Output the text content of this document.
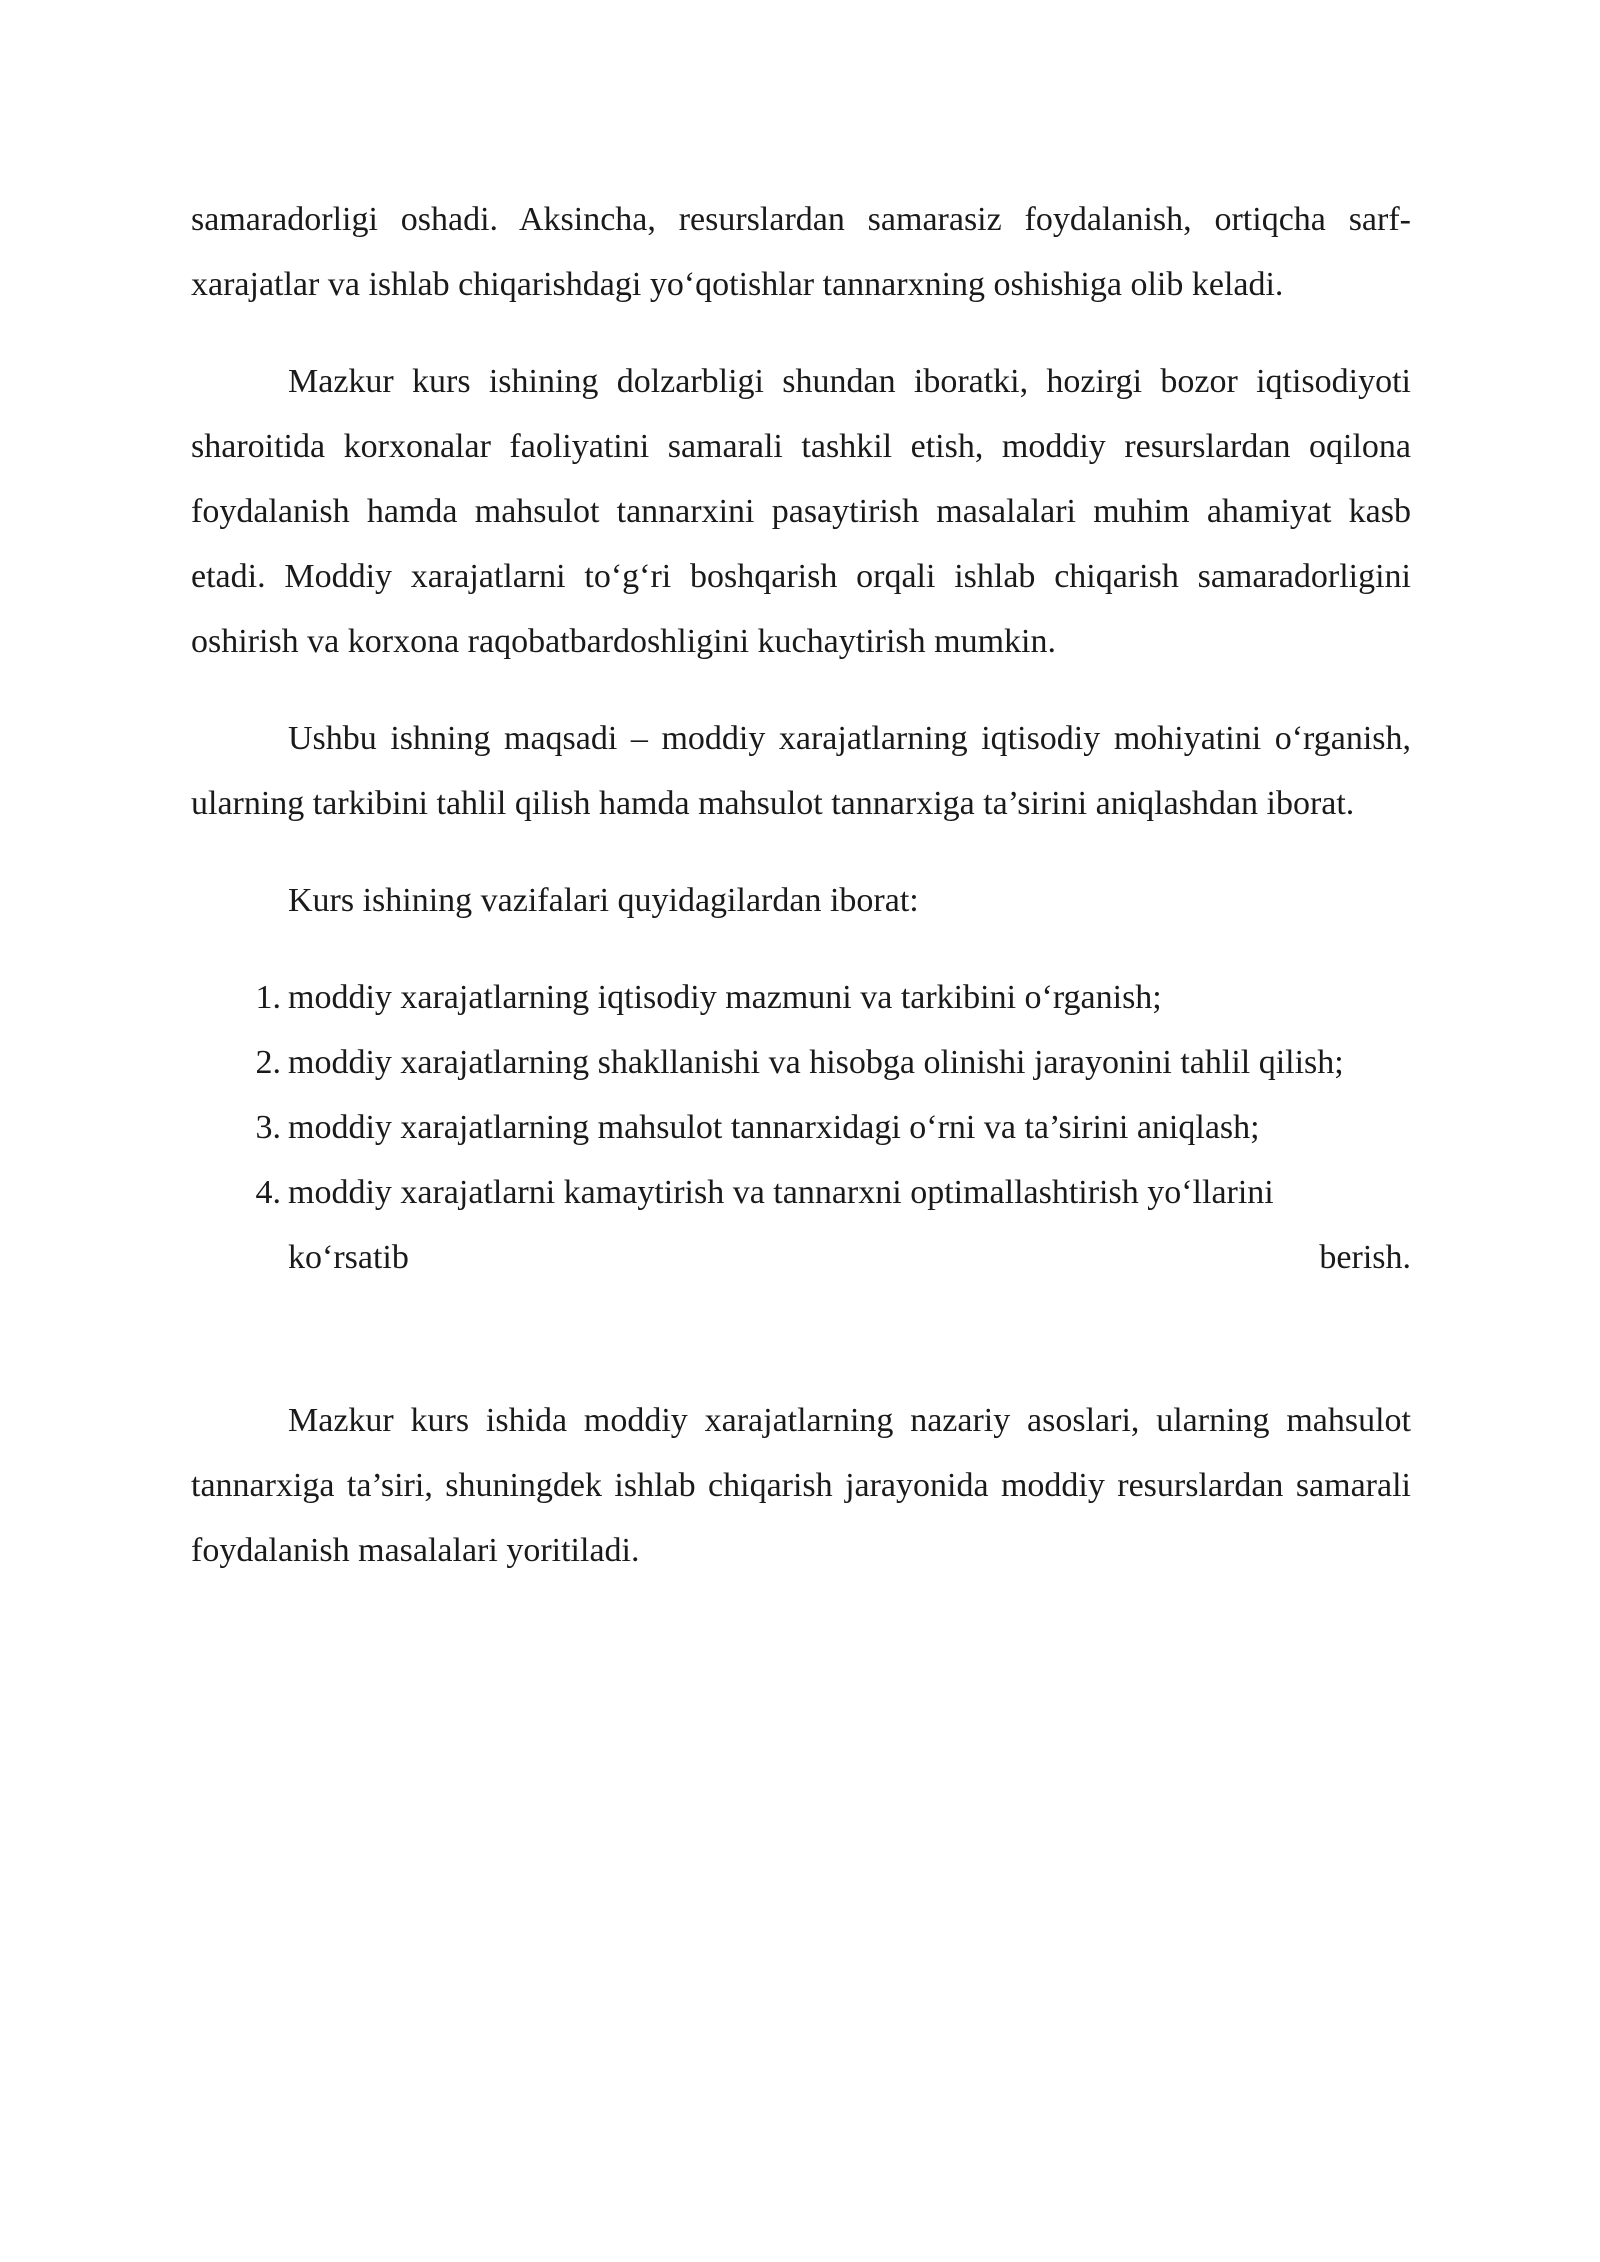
samaradorligi oshadi. Aksincha, resurslardan samarasiz foydalanish, ortiqcha sarf-xarajatlar va ishlab chiqarishdagi yoʻqotishlar tannarxning oshishiga olib keladi.

Mazkur kurs ishining dolzarbligi shundan iboratki, hozirgi bozor iqtisodiyoti sharoitida korxonalar faoliyatini samarali tashkil etish, moddiy resurslardan oqilona foydalanish hamda mahsulot tannarxini pasaytirish masalalari muhim ahamiyat kasb etadi. Moddiy xarajatlarni toʻgʻri boshqarish orqali ishlab chiqarish samaradorligini oshirish va korxona raqobatbardoshligini kuchaytirish mumkin.

Ushbu ishning maqsadi – moddiy xarajatlarning iqtisodiy mohiyatini oʻrganish, ularning tarkibini tahlil qilish hamda mahsulot tannarxiga ta’sirini aniqlashdan iborat.

Kurs ishining vazifalari quyidagilardan iborat:

1. moddiy xarajatlarning iqtisodiy mazmuni va tarkibini oʻrganish;
2. moddiy xarajatlarning shakllanishi va hisobga olinishi jarayonini tahlil qilish;
3. moddiy xarajatlarning mahsulot tannarxidagi oʻrni va ta’sirini aniqlash;
4. moddiy xarajatlarni kamaytirish va tannarxni optimallashtirish yoʻllarini
koʻrsatib	berish.

Mazkur kurs ishida moddiy xarajatlarning nazariy asoslari, ularning mahsulot tannarxiga ta’siri, shuningdek ishlab chiqarish jarayonida moddiy resurslardan samarali foydalanish masalalari yoritiladi.
